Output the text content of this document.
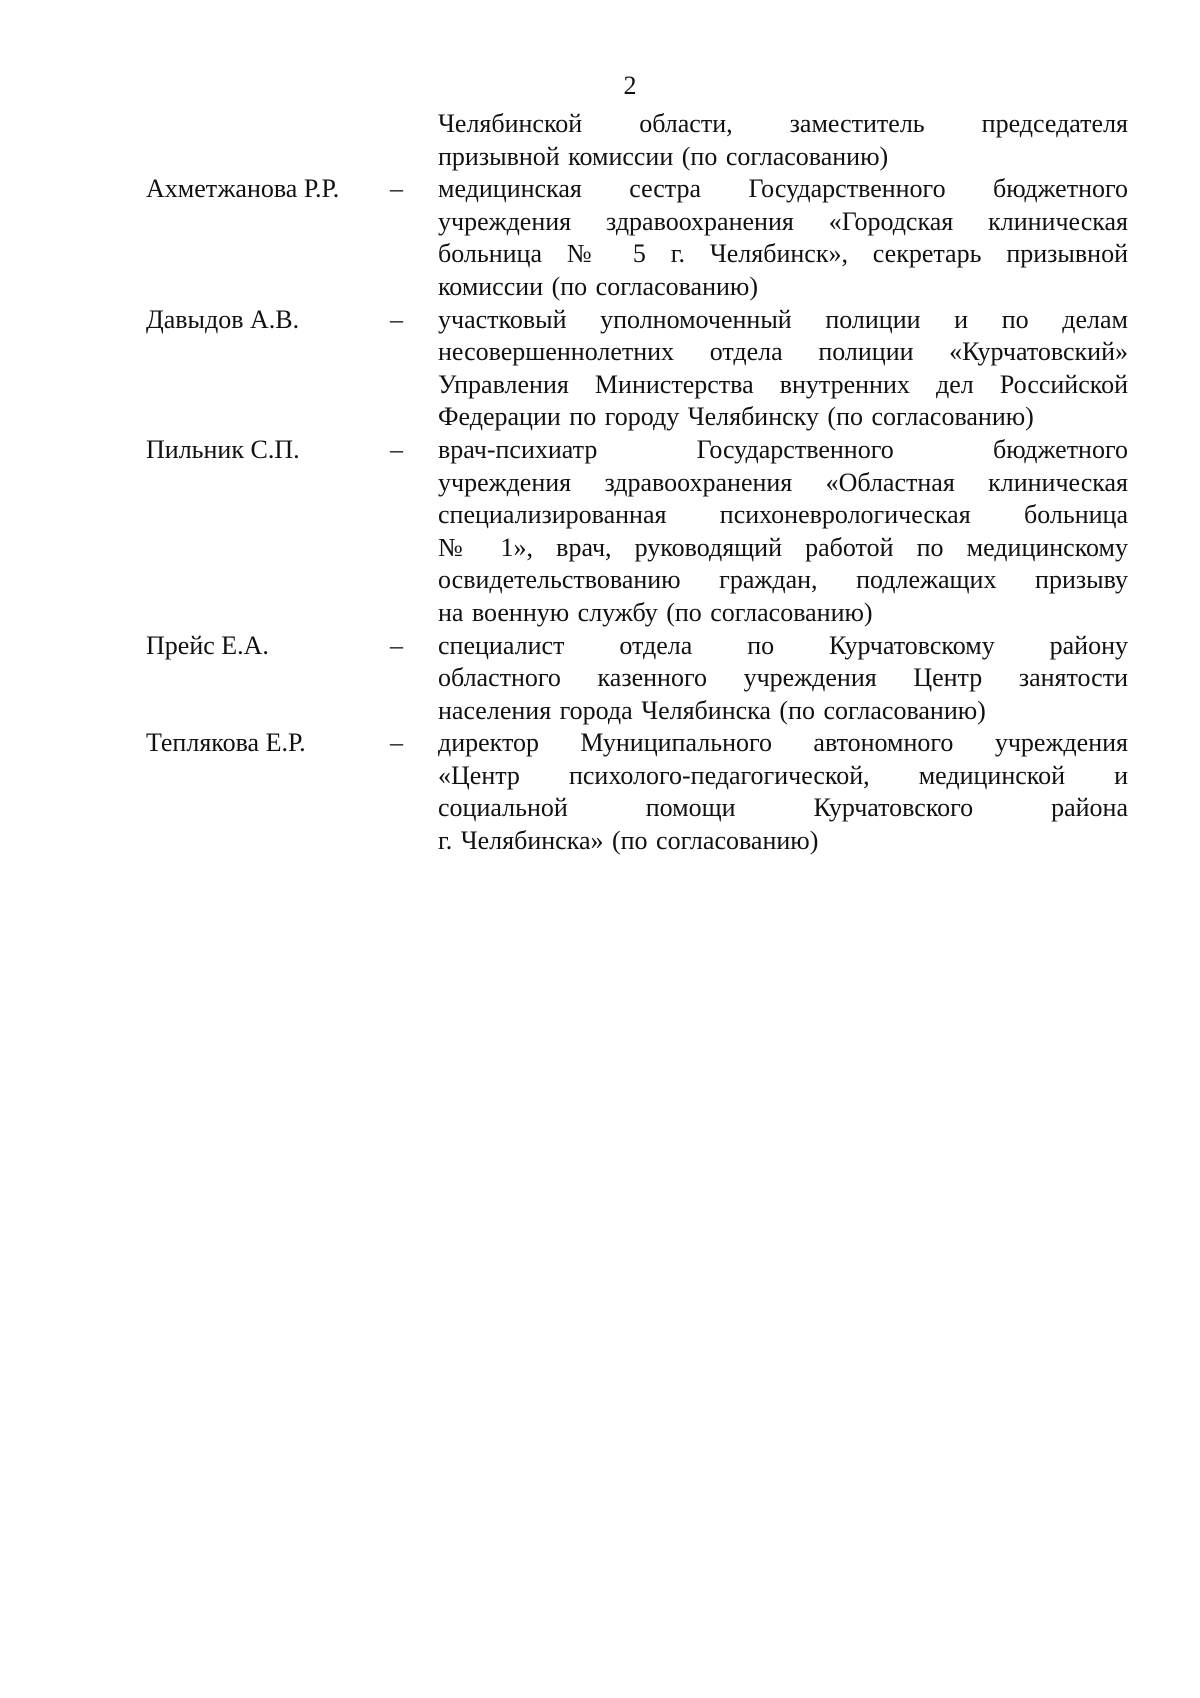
2
Челябинской области, заместитель председателя
призывной комиссии (по согласованию)
Ахметжанова Р.Р.	–	медицинская сестра Государственного бюджетного
учреждения здравоохранения «Городская клиническая
больница № 5 г. Челябинск», секретарь призывной
комиссии (по согласованию)
Давыдов А.В.	–	участковый уполномоченный полиции и по делам
несовершеннолетних отдела полиции «Курчатовский»
Управления Министерства внутренних дел Российской
Федерации по городу Челябинску (по согласованию)
Пильник С.П.	–	врач-психиатр Государственного бюджетного
учреждения здравоохранения «Областная клиническая
специализированная психоневрологическая больница
№ 1», врач, руководящий работой по медицинскому
освидетельствованию граждан, подлежащих призыву
на военную службу (по согласованию)
Прейс Е.А.	–	специалист отдела по Курчатовскому району
областного казенного учреждения Центр занятости
населения города Челябинска (по согласованию)
Теплякова Е.Р.	–	директор Муниципального автономного учреждения
«Центр психолого-педагогической, медицинской и
социальной помощи Курчатовского района
г. Челябинска» (по согласованию)
